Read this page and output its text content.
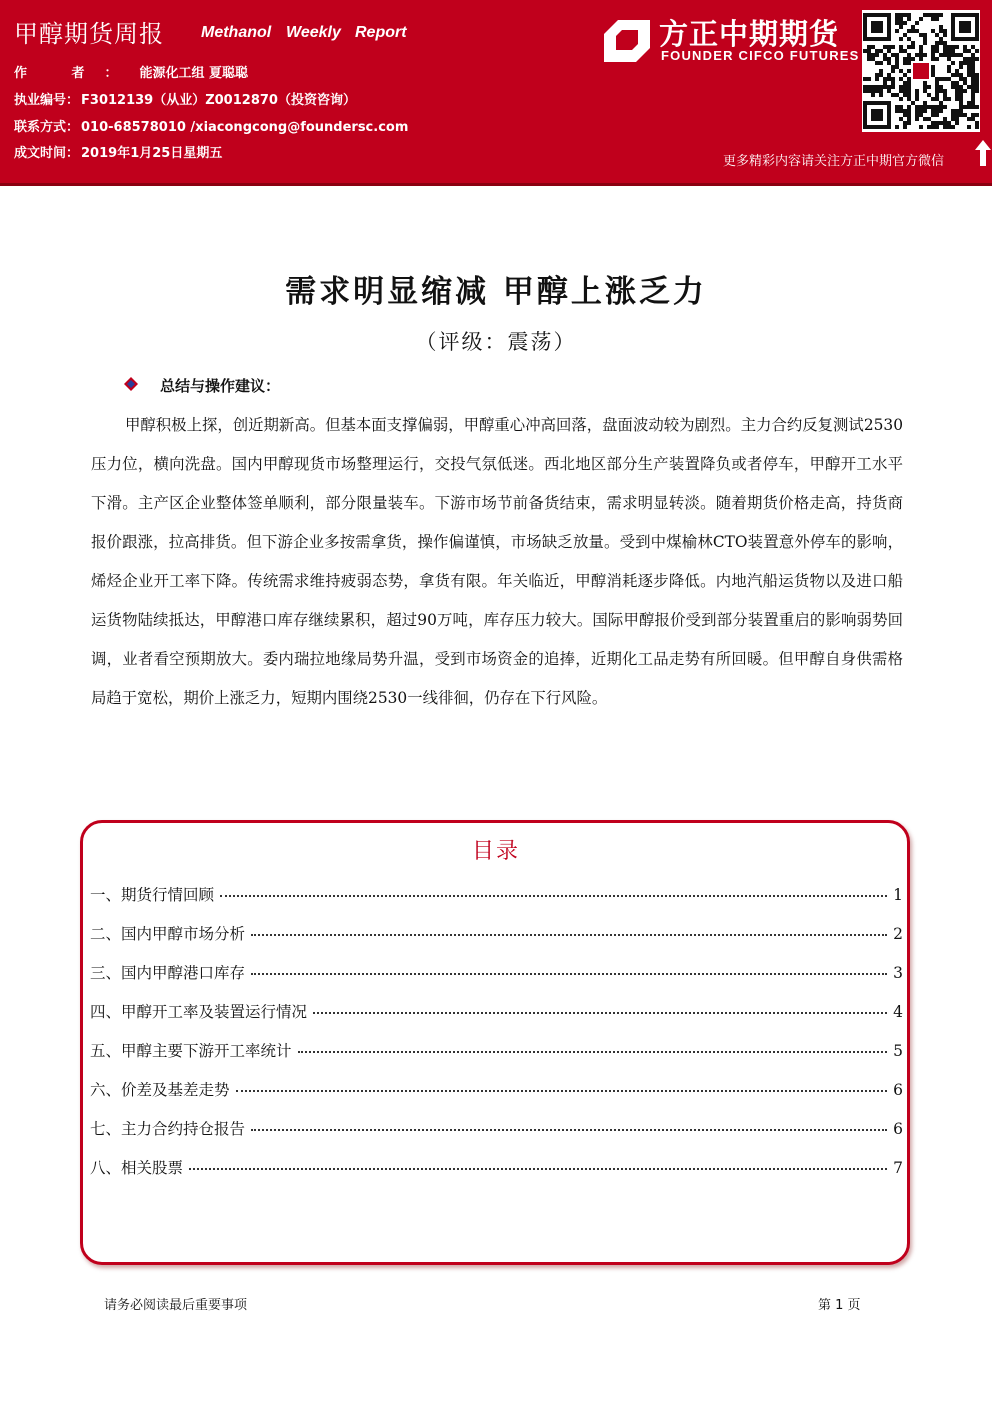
甲醇期货周报 Methanol Weekly Report
作 者： 能源化工组 夏聪聪
执业编号： F3012139（从业）Z0012870（投资咨询）
联系方式： 010-68578010 /xiacongcong@foundersc.com
成文时间： 2019年1月25日星期五
方正中期期货
FOUNDER CIFCO FUTURES
更多精彩内容请关注方正中期官方微信
需求明显缩减 甲醇上涨乏力
（评级：震荡）
总结与操作建议：
甲醇积极上探，创近期新高。但基本面支撑偏弱，甲醇重心冲高回落，盘面波动较为剧烈。主力合约反复测试2530压力位，横向洗盘。国内甲醇现货市场整理运行，交投气氛低迷。西北地区部分生产装置降负或者停车，甲醇开工水平下滑。主产区企业整体签单顺利，部分限量装车。下游市场节前备货结束，需求明显转淡。随着期货价格走高，持货商报价跟涨，拉高排货。但下游企业多按需拿货，操作偏谨慎，市场缺乏放量。受到中煤榆林CTO装置意外停车的影响，烯烃企业开工率下降。传统需求维持疲弱态势，拿货有限。年关临近，甲醇消耗逐步降低。内地汽船运货物以及进口船运货物陆续抵达，甲醇港口库存继续累积，超过90万吨，库存压力较大。国际甲醇报价受到部分装置重启的影响弱势回调，业者看空预期放大。委内瑞拉地缘局势升温，受到市场资金的追捧，近期化工品走势有所回暖。但甲醇自身供需格局趋于宽松，期价上涨乏力，短期内围绕2530一线徘徊，仍存在下行风险。
目录
一、期货行情回顾	1
二、国内甲醇市场分析	2
三、国内甲醇港口库存	3
四、甲醇开工率及装置运行情况	4
五、甲醇主要下游开工率统计	5
六、价差及基差走势	6
七、主力合约持仓报告	6
八、相关股票	7
请务必阅读最后重要事项	第 1 页
